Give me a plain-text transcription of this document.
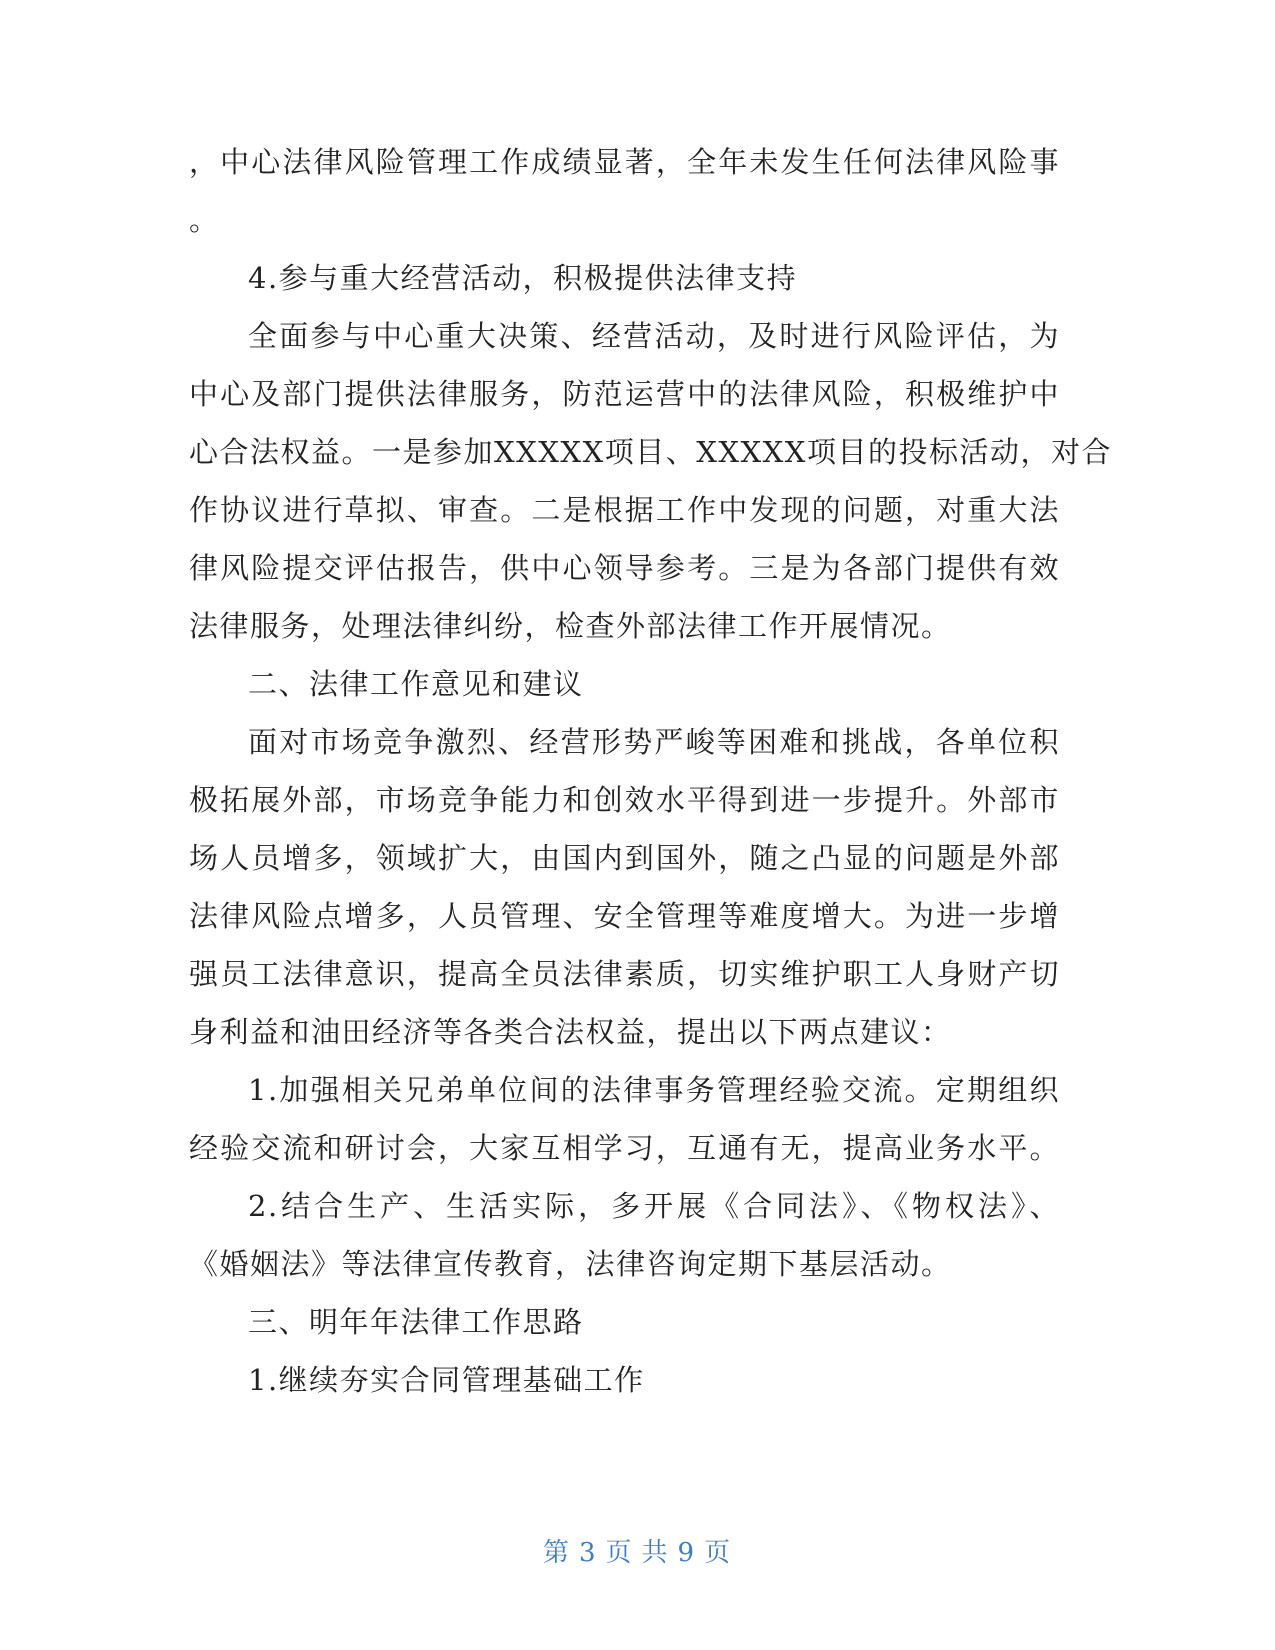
，中心法律风险管理工作成绩显著，全年未发生任何法律风险事
。
4.参与重大经营活动，积极提供法律支持
全面参与中心重大决策、经营活动，及时进行风险评估，为
中心及部门提供法律服务，防范运营中的法律风险，积极维护中
心合法权益。一是参加XXXXX项目、XXXXX项目的投标活动，对合
作协议进行草拟、审查。二是根据工作中发现的问题，对重大法
律风险提交评估报告，供中心领导参考。三是为各部门提供有效
法律服务，处理法律纠纷，检查外部法律工作开展情况。
二、法律工作意见和建议
面对市场竞争激烈、经营形势严峻等困难和挑战，各单位积
极拓展外部，市场竞争能力和创效水平得到进一步提升。外部市
场人员增多，领域扩大，由国内到国外，随之凸显的问题是外部
法律风险点增多，人员管理、安全管理等难度增大。为进一步增
强员工法律意识，提高全员法律素质，切实维护职工人身财产切
身利益和油田经济等各类合法权益，提出以下两点建议：
1.加强相关兄弟单位间的法律事务管理经验交流。定期组织
经验交流和研讨会，大家互相学习，互通有无，提高业务水平。
2.结合生产、生活实际，多开展《合同法》、《物权法》、
《婚姻法》等法律宣传教育，法律咨询定期下基层活动。
三、明年年法律工作思路
1.继续夯实合同管理基础工作
第 3 页 共 9 页
